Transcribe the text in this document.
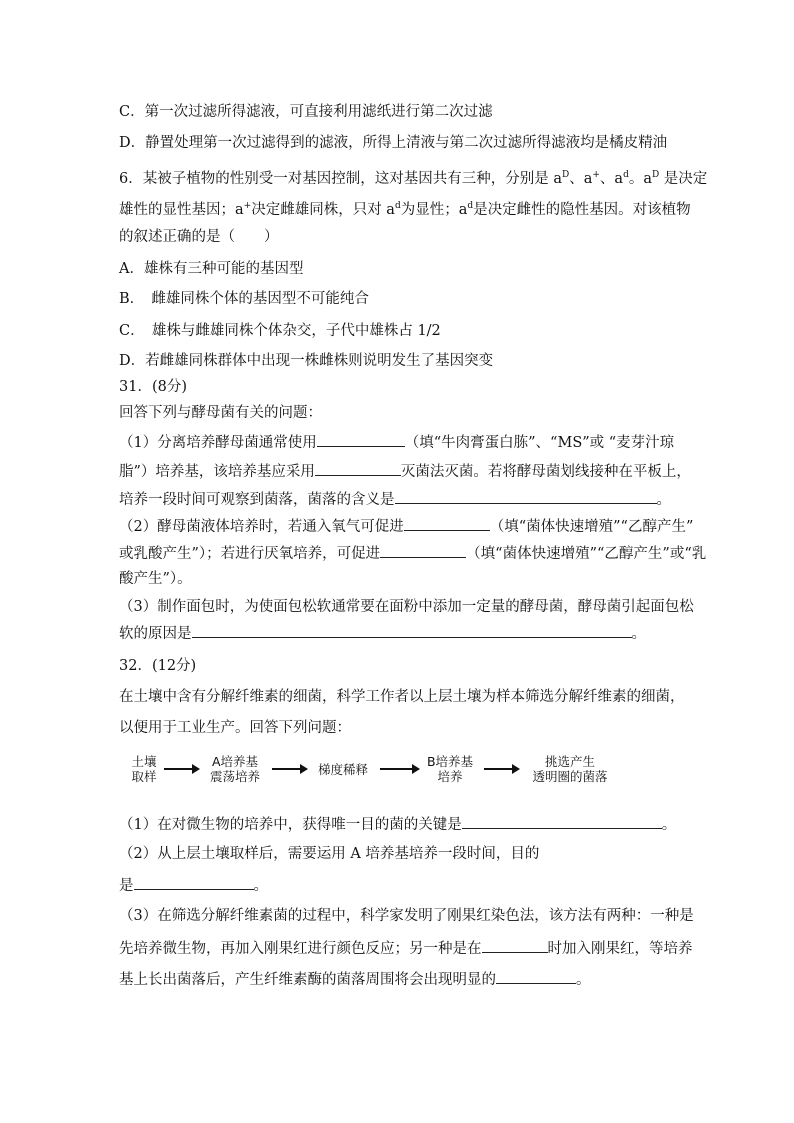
C．第一次过滤所得滤液，可直接利用滤纸进行第二次过滤
D．静置处理第一次过滤得到的滤液，所得上清液与第二次过滤所得滤液均是橘皮精油
6．某被子植物的性别受一对基因控制，这对基因共有三种，分别是 $a^D$、a+、$a^d$。$a^D$ 是决定
雄性的显性基因；a+决定雌雄同株，只对 $a^d$为显性；$a^d$是决定雌性的隐性基因。对该植物
的叙述正确的是（　　）
A．雄株有三种可能的基因型
B．　雌雄同株个体的基因型不可能纯合
C．　雄株与雌雄同株个体杂交，子代中雄株占 1/2
D．若雌雄同株群体中出现一株雌株则说明发生了基因突变
31．(8分)
回答下列与酵母菌有关的问题：
（1）分离培养酵母菌通常使用	（填“牛肉膏蛋白胨”、“MS”或 “麦芽汁琼
脂”）培养基，该培养基应采用	灭菌法灭菌。若将酵母菌划线接种在平板上，
培养一段时间可观察到菌落，菌落的含义是	。
（2）酵母菌液体培养时，若通入氧气可促进	（填“菌体快速增殖”“乙醇产生”
或乳酸产生”）；若进行厌氧培养，可促进	（填“菌体快速增殖”“乙醇产生”或“乳
酸产生”）。
（3）制作面包时，为使面包松软通常要在面粉中添加一定量的酵母菌，酵母菌引起面包松
软的原因是	。
32．(12分)
在土壤中含有分解纤维素的细菌，科学工作者以上层土壤为样本筛选分解纤维素的细菌，
以便用于工业生产。回答下列问题：
土壤
取样
A培养基
震荡培养	梯度稀释
B培养基
培养
挑选产生
透明圈的菌落
（1）在对微生物的培养中，获得唯一目的菌的关键是	。
（2）从上层土壤取样后，需要运用 A 培养基培养一段时间，目的
是	。
（3）在筛选分解纤维素菌的过程中，科学家发明了刚果红染色法，该方法有两种：一种是
先培养微生物，再加入刚果红进行颜色反应；另一种是在	时加入刚果红，等培养
基上长出菌落后，产生纤维素酶的菌落周围将会出现明显的	。
